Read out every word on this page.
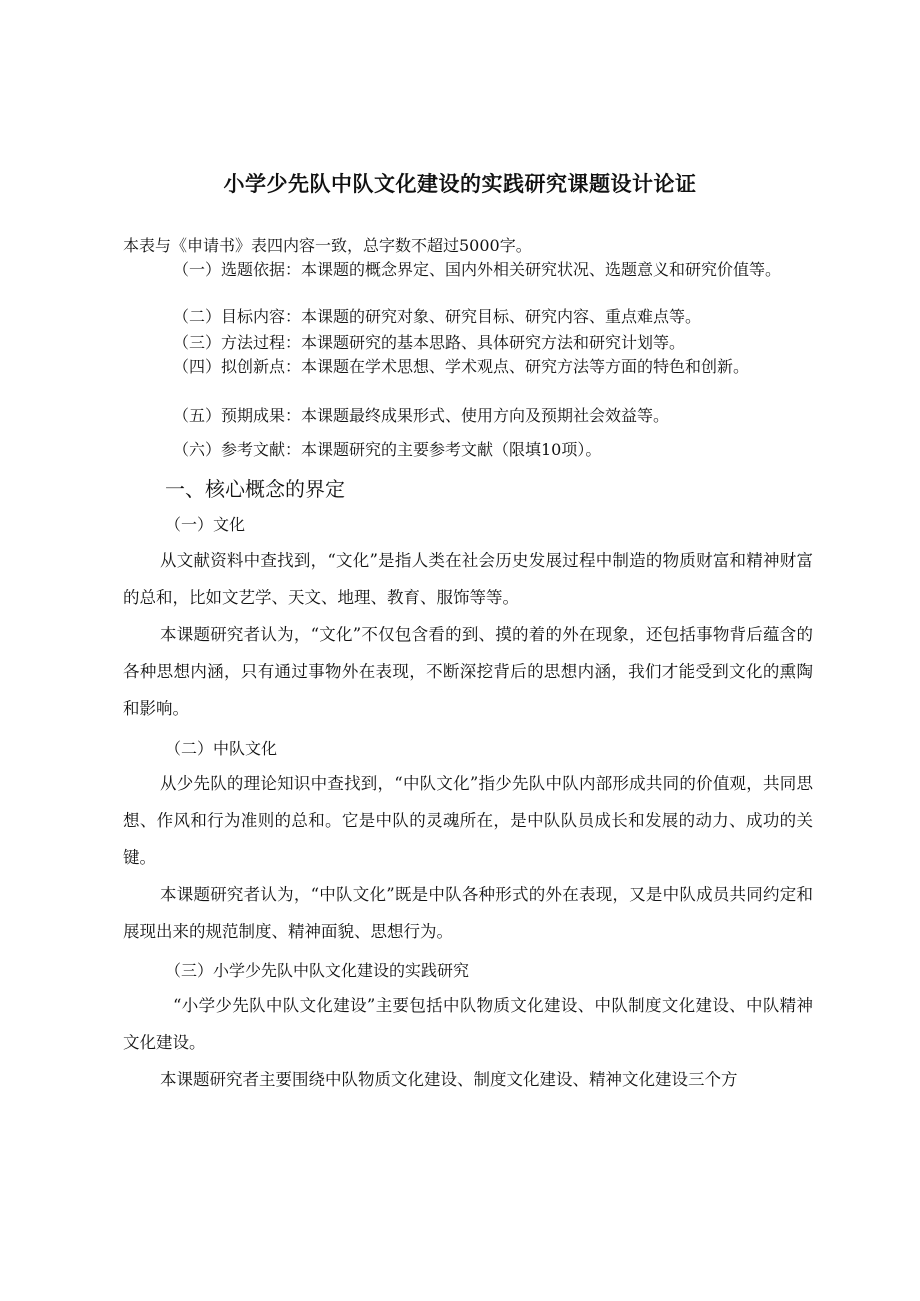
小学少先队中队文化建设的实践研究课题设计论证

本表与《申请书》表四内容一致，总字数不超过5000字。

（一）选题依据：本课题的概念界定、国内外相关研究状况、选题意义和研究价值等。

（二）目标内容：本课题的研究对象、研究目标、研究内容、重点难点等。

（三）方法过程：本课题研究的基本思路、具体研究方法和研究计划等。

（四）拟创新点：本课题在学术思想、学术观点、研究方法等方面的特色和创新。

（五）预期成果：本课题最终成果形式、使用方向及预期社会效益等。

（六）参考文献：本课题研究的主要参考文献（限填10项）。

一、核心概念的界定

（一）文化

从文献资料中查找到，“文化”是指人类在社会历史发展过程中制造的物质财富和精神财富的总和，比如文艺学、天文、地理、教育、服饰等等。

本课题研究者认为，“文化”不仅包含看的到、摸的着的外在现象，还包括事物背后蕴含的各种思想内涵，只有通过事物外在表现，不断深挖背后的思想内涵，我们才能受到文化的熏陶和影响。

（二）中队文化

从少先队的理论知识中查找到，“中队文化”指少先队中队内部形成共同的价值观，共同思想、作风和行为准则的总和。它是中队的灵魂所在，是中队队员成长和发展的动力、成功的关键。

本课题研究者认为，“中队文化”既是中队各种形式的外在表现，又是中队成员共同约定和展现出来的规范制度、精神面貌、思想行为。

（三）小学少先队中队文化建设的实践研究

“小学少先队中队文化建设”主要包括中队物质文化建设、中队制度文化建设、中队精神文化建设。

本课题研究者主要围绕中队物质文化建设、制度文化建设、精神文化建设三个方
